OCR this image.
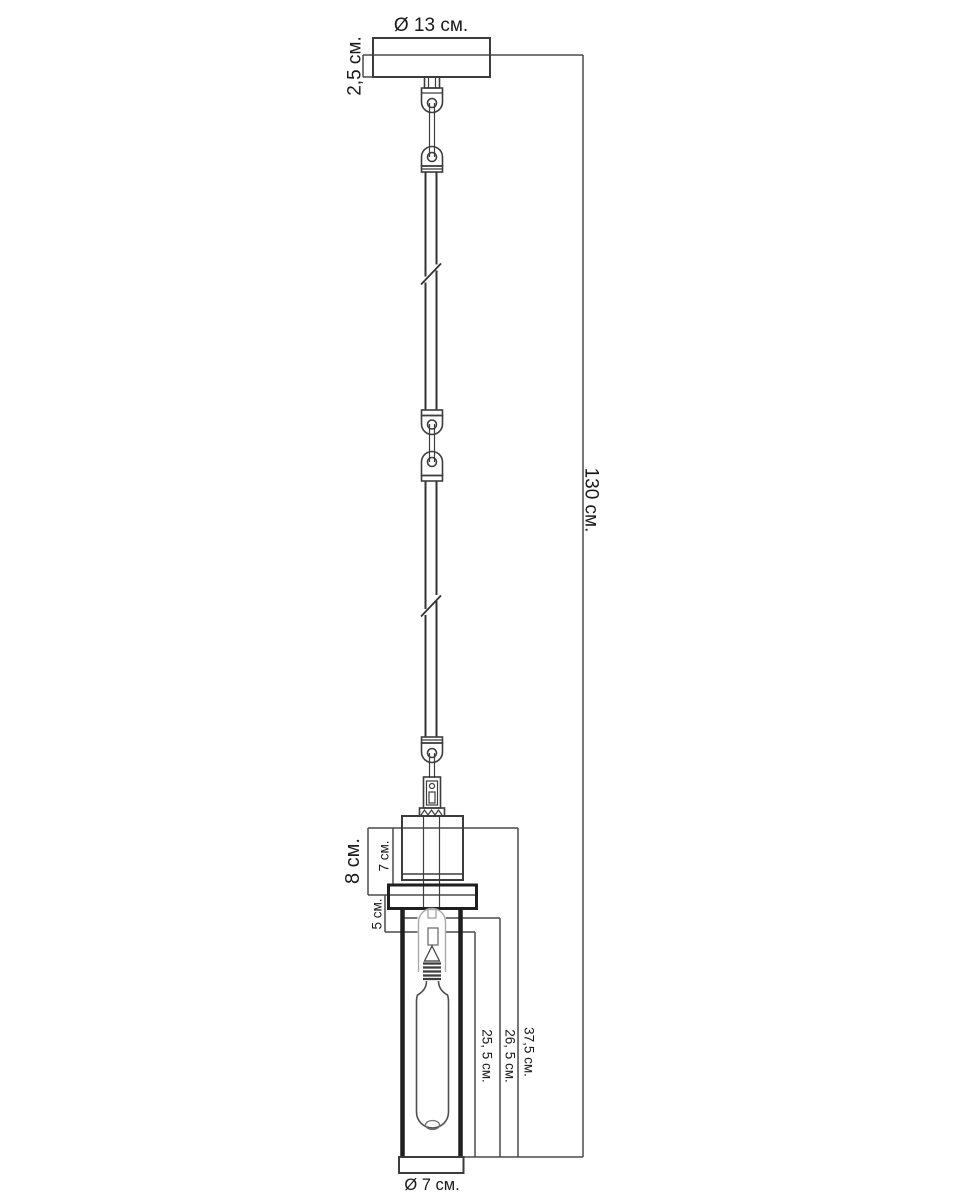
Ø 13 см.
2,5 см.
130 см.
8 см. 7 см.
5 см.
25, 5 см. 26, 5 см. 37,5 см.
Ø 7 см.
